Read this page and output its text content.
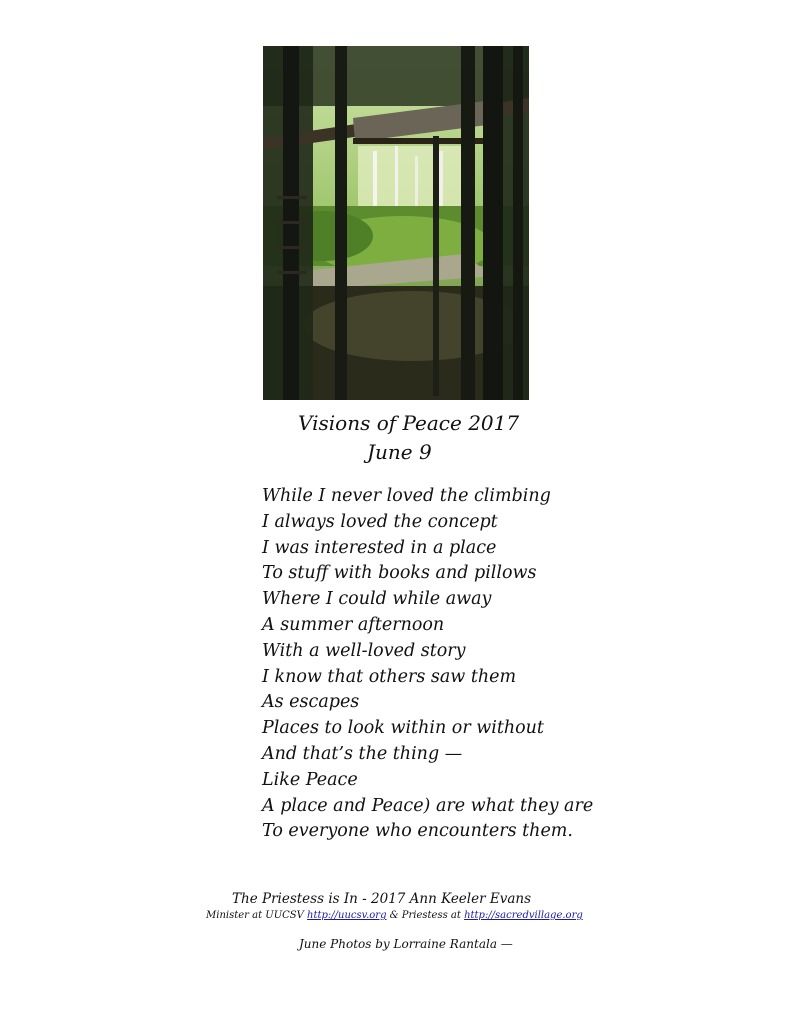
Visions of Peace 2017
June 9
While I never loved the climbing
I always loved the concept
I was interested in a place
To stuff with books and pillows
Where I could while away
A summer afternoon
With a well-loved story
I know that others saw them
As escapes
Places to look within or without
And that’s the thing —
Like Peace
A place and Peace) are what they are
To everyone who encounters them.
The Priestess is In - 2017 Ann Keeler Evans
Minister at UUCSV http://uucsv.org & Priestess at http://sacredvillage.org
June Photos by Lorraine Rantala —
